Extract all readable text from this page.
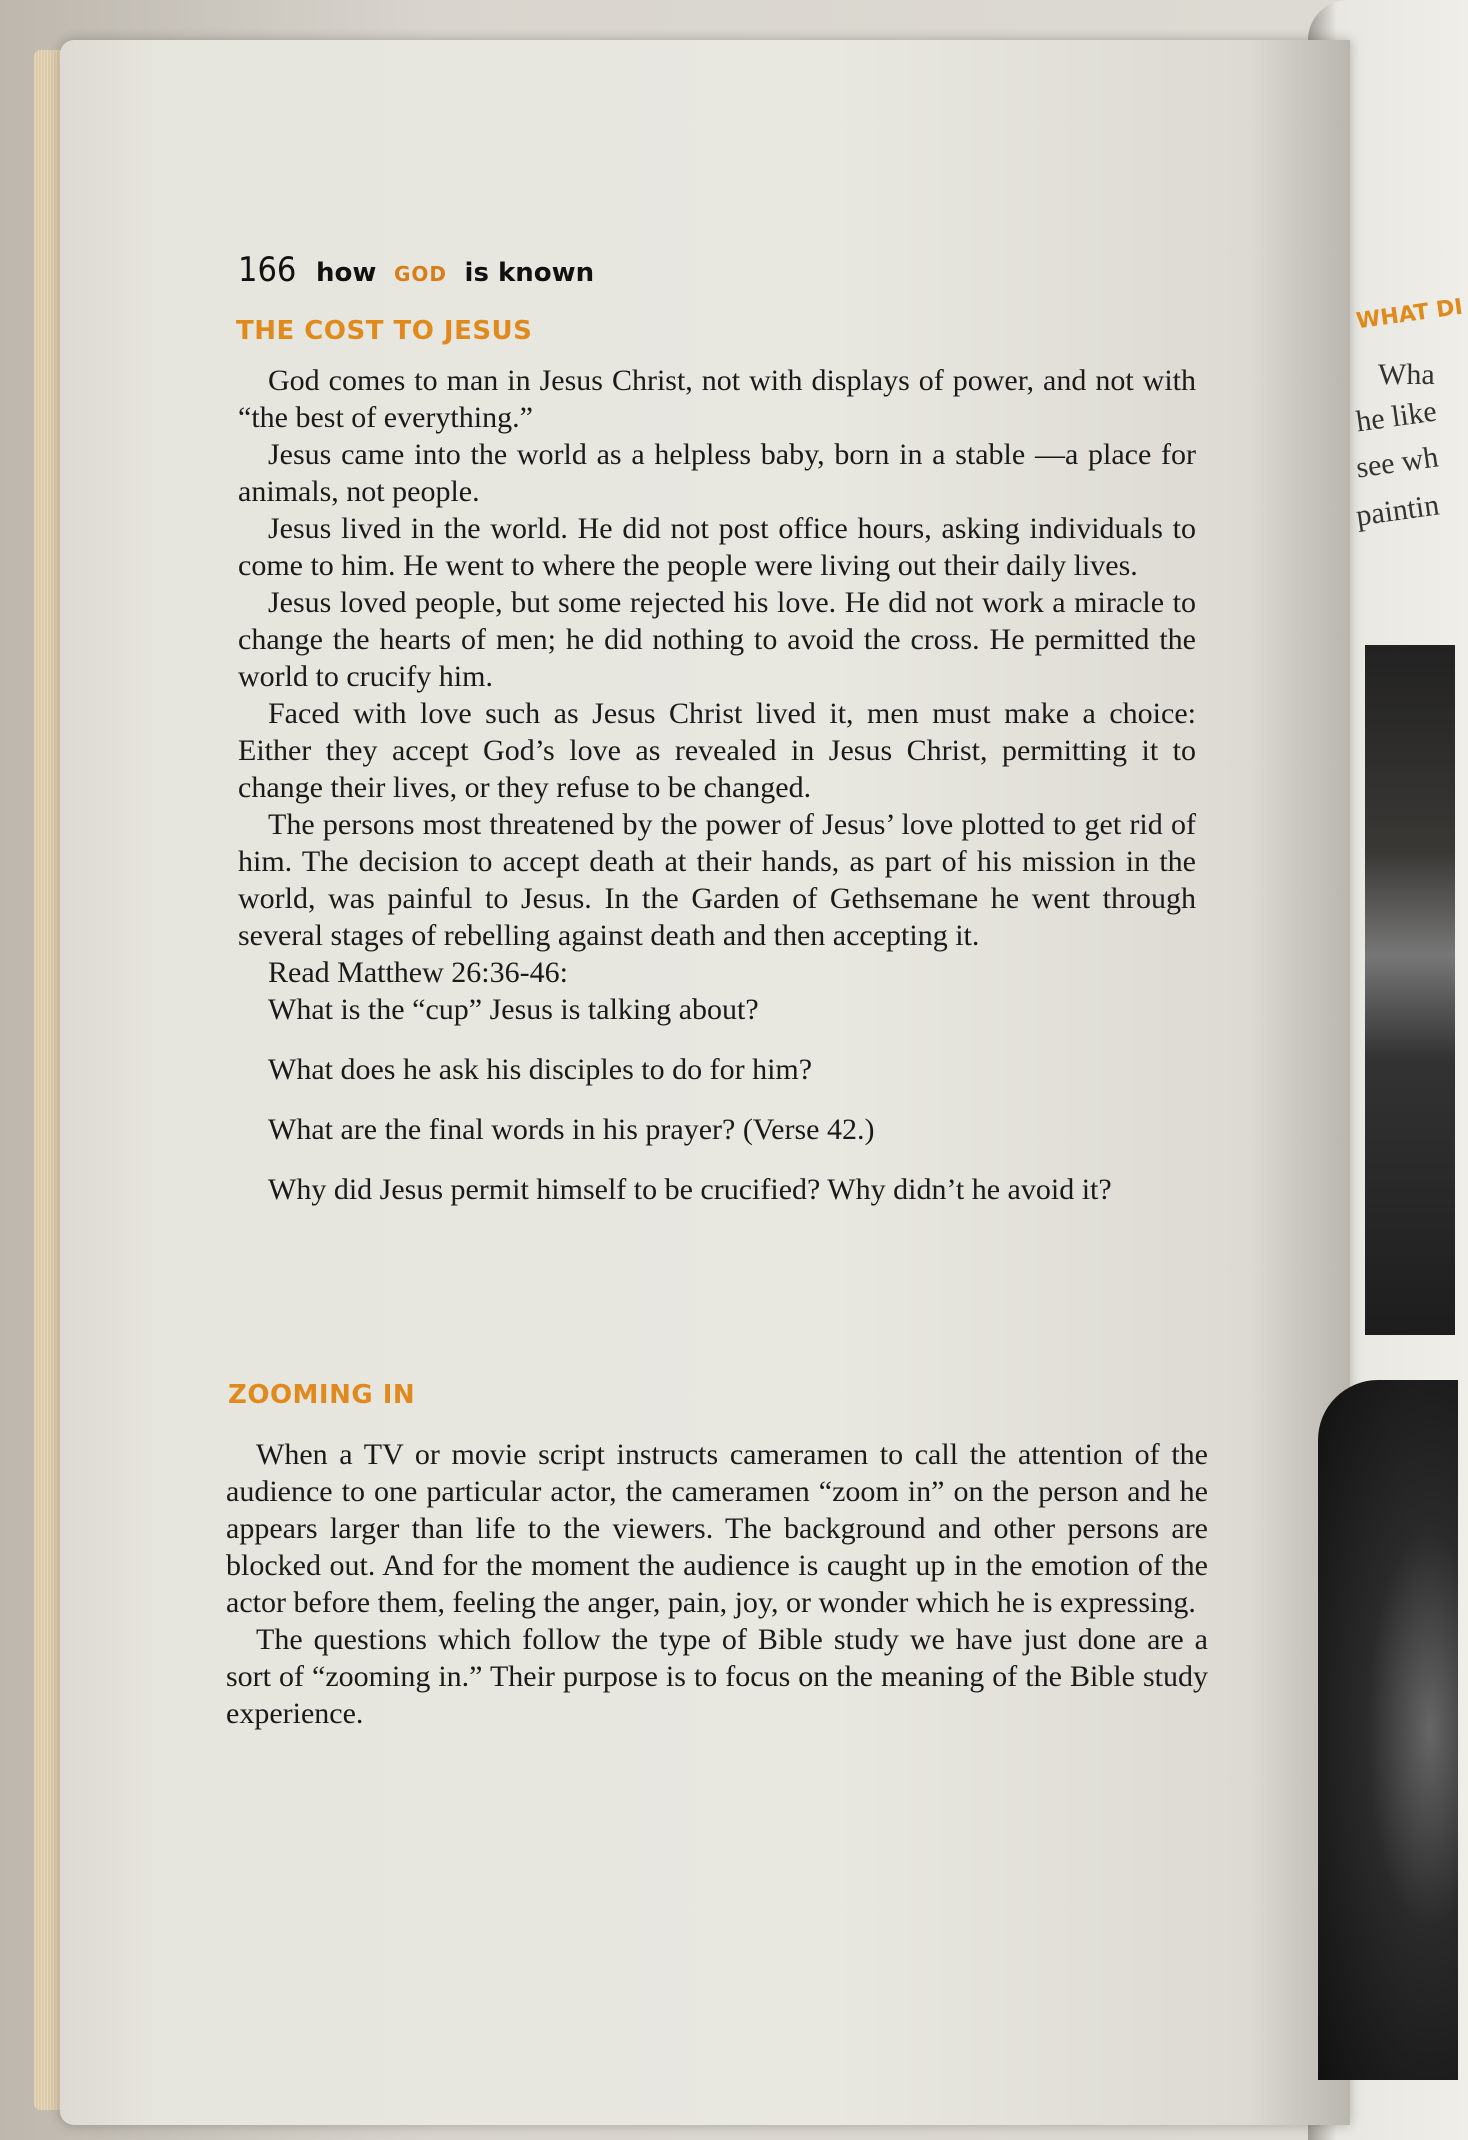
166 how GOD is known
THE COST TO JESUS

God comes to man in Jesus Christ, not with displays of power, and not with “the best of everything.”

Jesus came into the world as a helpless baby, born in a stable —a place for animals, not people.

Jesus lived in the world. He did not post office hours, asking individuals to come to him. He went to where the people were living out their daily lives.

Jesus loved people, but some rejected his love. He did not work a miracle to change the hearts of men; he did nothing to avoid the cross. He permitted the world to crucify him.

Faced with love such as Jesus Christ lived it, men must make a choice: Either they accept God’s love as revealed in Jesus Christ, permitting it to change their lives, or they refuse to be changed.

The persons most threatened by the power of Jesus’ love plotted to get rid of him. The decision to accept death at their hands, as part of his mission in the world, was painful to Jesus. In the Garden of Gethsemane he went through several stages of rebelling against death and then accepting it.

Read Matthew 26:36-46:

What is the “cup” Jesus is talking about?

What does he ask his disciples to do for him?

What are the final words in his prayer? (Verse 42.)

Why did Jesus permit himself to be crucified? Why didn’t he avoid it?

ZOOMING IN

When a TV or movie script instructs cameramen to call the attention of the audience to one particular actor, the cameramen “zoom in” on the person and he appears larger than life to the viewers. The background and other persons are blocked out. And for the moment the audience is caught up in the emotion of the actor before them, feeling the anger, pain, joy, or wonder which he is expressing.

The questions which follow the type of Bible study we have just done are a sort of “zooming in.” Their purpose is to focus on the meaning of the Bible study experience.

WHAT DI
Wha
he like
see wh
paintin
